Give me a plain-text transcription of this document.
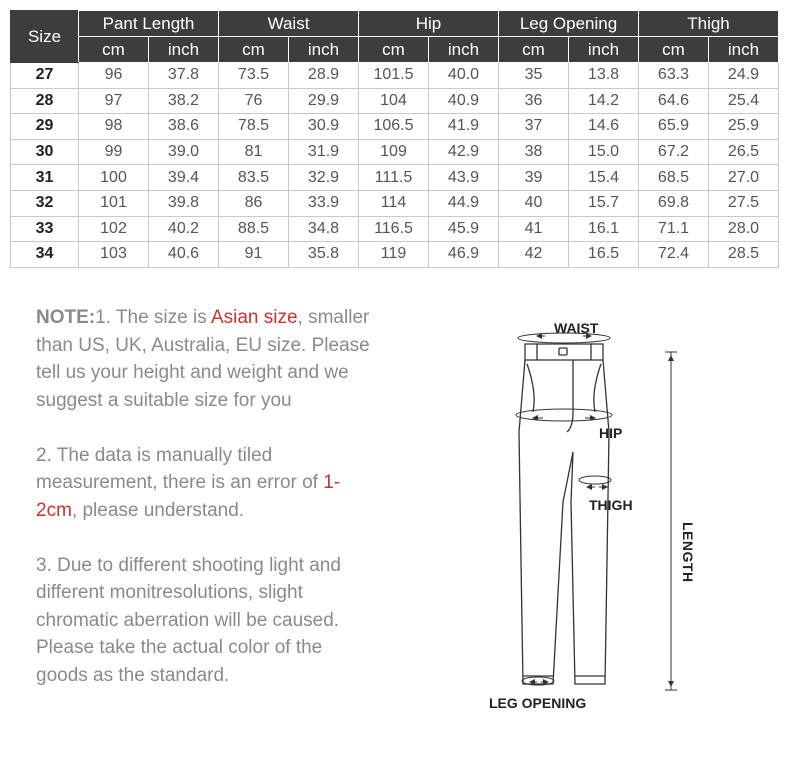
Size	Pant Length		Waist		Hip		Leg Opening		Thigh	
	cm	inch	cm	inch	cm	inch	cm	inch	cm	inch
27	96	37.8	73.5	28.9	101.5	40.0	35	13.8	63.3	24.9
28	97	38.2	76	29.9	104	40.9	36	14.2	64.6	25.4
29	98	38.6	78.5	30.9	106.5	41.9	37	14.6	65.9	25.9
30	99	39.0	81	31.9	109	42.9	38	15.0	67.2	26.5
31	100	39.4	83.5	32.9	111.5	43.9	39	15.4	68.5	27.0
32	101	39.8	86	33.9	114	44.9	40	15.7	69.8	27.5
33	102	40.2	88.5	34.8	116.5	45.9	41	16.1	71.1	28.0
34	103	40.6	91	35.8	119	46.9	42	16.5	72.4	28.5

NOTE:1. The size is Asian size, smaller than US, UK, Australia, EU size. Please tell us your height and weight and we suggest a suitable size for you

2. The data is manually tiled measurement, there is an error of 1-2cm, please understand.

3. Due to different shooting light and different monitresolutions, slight chromatic aberration will be caused. Please take the actual color of the goods as the standard.

WAIST
HIP
THIGH
LEG OPENING
LENGTH
